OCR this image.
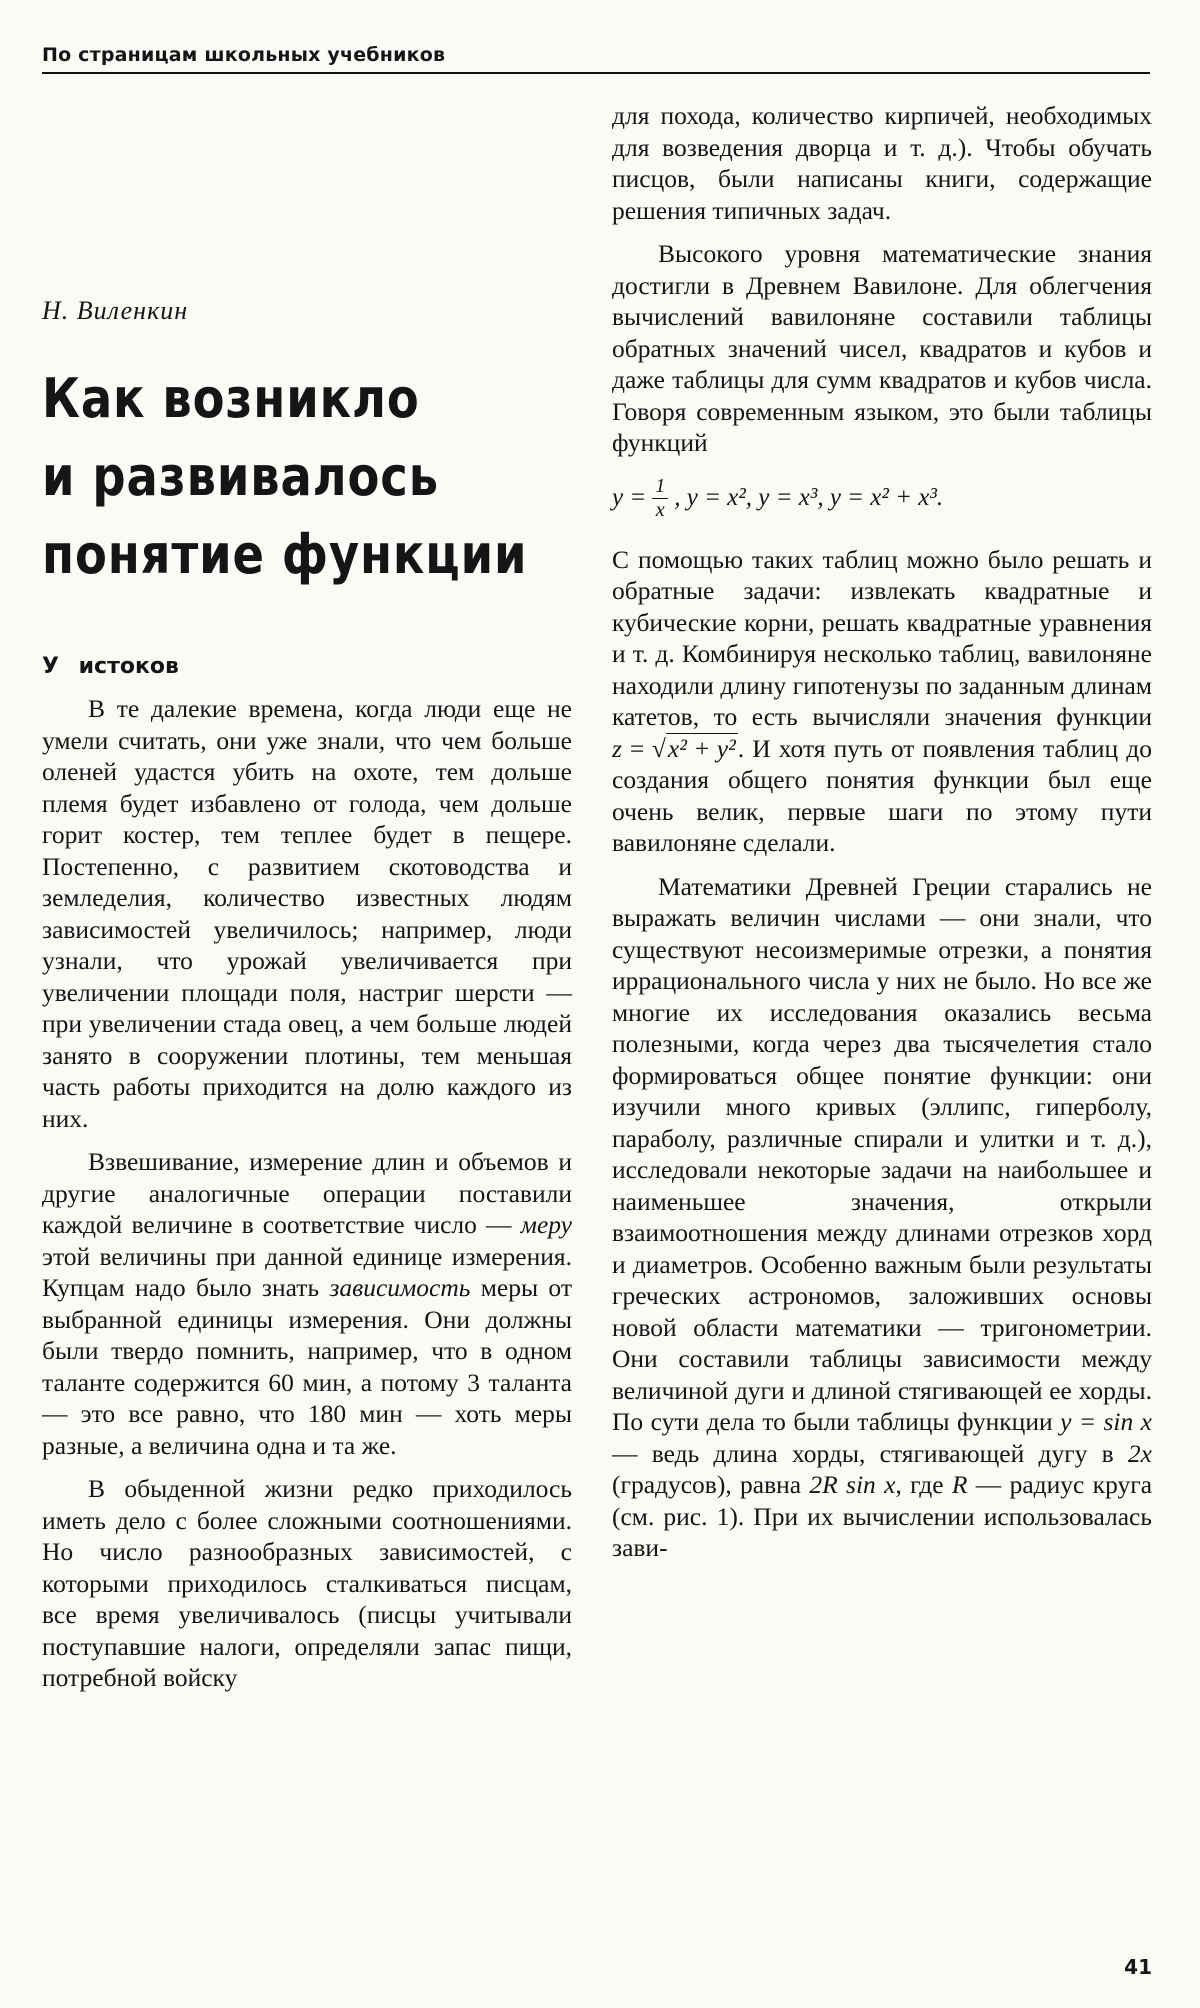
По страницам школьных учебников
Н. Виленкин
Как возникло
и развивалось
понятие функции
У истоков

В те далекие времена, когда люди еще не умели считать, они уже знали, что чем больше оленей удастся убить на охоте, тем дольше племя будет избавлено от голода, чем дольше горит костер, тем теплее будет в пещере. Постепенно, с развитием скотоводства и земледелия, количество известных людям зависимостей увеличилось; например, люди узнали, что урожай увеличивается при увеличении площади поля, настриг шерсти — при увеличении стада овец, а чем больше людей занято в сооружении плотины, тем меньшая часть работы приходится на долю каждого из них.

Взвешивание, измерение длин и объемов и другие аналогичные операции поставили каждой величине в соответствие число — меру этой величины при данной единице измерения. Купцам надо было знать зависимость меры от выбранной единицы измерения. Они должны были твердо помнить, например, что в одном таланте содержится 60 мин, а потому 3 таланта — это все равно, что 180 мин — хоть меры разные, а величина одна и та же.

В обыденной жизни редко приходилось иметь дело с более сложными соотношениями. Но число разнообразных зависимостей, с которыми приходилось сталкиваться писцам, все время увеличивалось (писцы учитывали поступавшие налоги, определяли запас пищи, потребной войску

для похода, количество кирпичей, необходимых для возведения дворца и т. д.). Чтобы обучать писцов, были написаны книги, содержащие решения типичных задач.

Высокого уровня математические знания достигли в Древнем Вавилоне. Для облегчения вычислений вавилоняне составили таблицы обратных значений чисел, квадратов и кубов и даже таблицы для сумм квадратов и кубов числа. Говоря современным языком, это были таблицы функций

$y = \frac{1}{x}$ , y = x², y = x³, y = x² + x³.

С помощью таких таблиц можно было решать и обратные задачи: извлекать квадратные и кубические корни, решать квадратные уравнения и т. д. Комбинируя несколько таблиц, вавилоняне находили длину гипотенузы по заданным длинам катетов, то есть вычисляли значения функции z = √x² + y². И хотя путь от появления таблиц до создания общего понятия функции был еще очень велик, первые шаги по этому пути вавилоняне сделали.

Математики Древней Греции старались не выражать величин числами — они знали, что существуют несоизмеримые отрезки, а понятия иррационального числа у них не было. Но все же многие их исследования оказались весьма полезными, когда через два тысячелетия стало формироваться общее понятие функции: они изучили много кривых (эллипс, гиперболу, параболу, различные спирали и улитки и т. д.), исследовали некоторые задачи на наибольшее и наименьшее значения, открыли взаимоотношения между длинами отрезков хорд и диаметров. Особенно важным были результаты греческих астрономов, заложивших основы новой области математики — тригонометрии. Они составили таблицы зависимости между величиной дуги и длиной стягивающей ее хорды. По сути дела то были таблицы функции y = sin x — ведь длина хорды, стягивающей дугу в 2x (градусов), равна 2R sin x, где R — радиус круга (см. рис. 1). При их вычислении использовалась зави-

41
